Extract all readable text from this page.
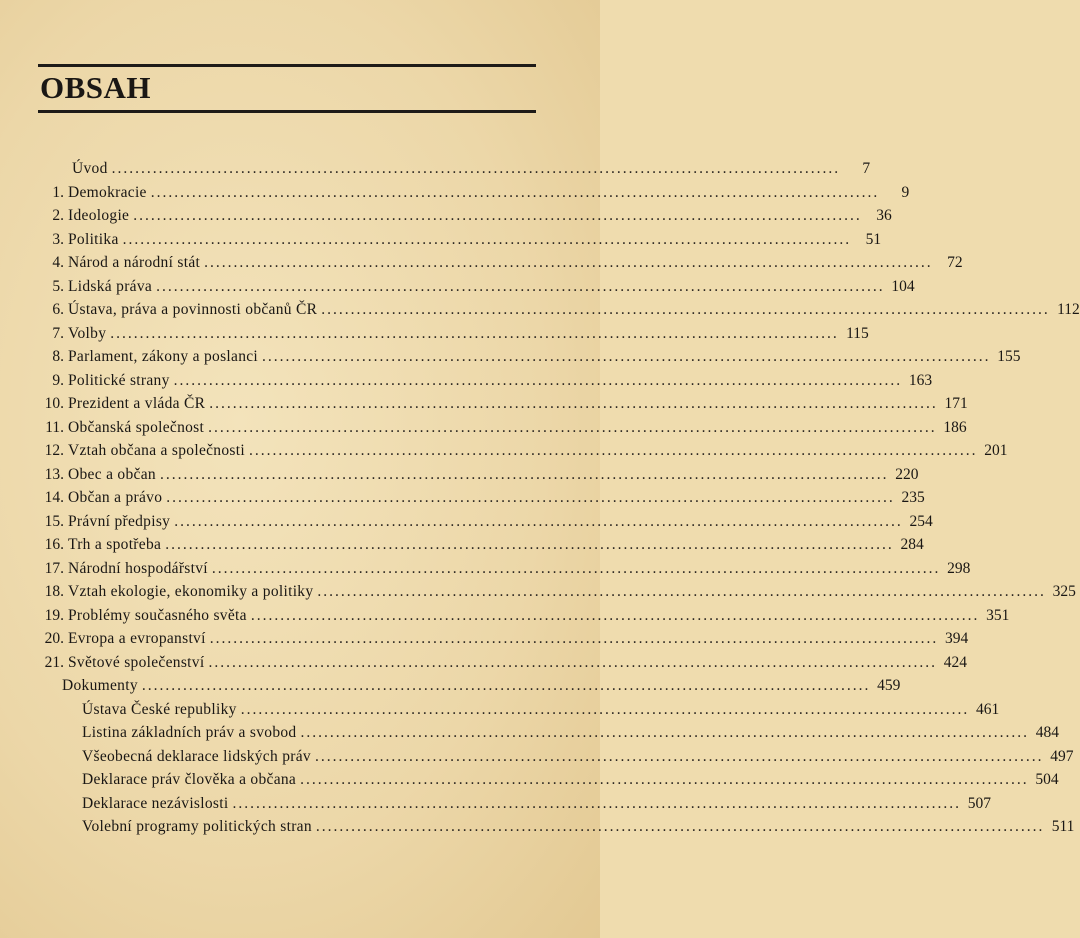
OBSAH
Úvod ............................................................................................................................	7
1. Demokracie ............................................................................................................................	9
2. Ideologie ............................................................................................................................ 36
3. Politika ............................................................................................................................ 51
4. Národ a národní stát ............................................................................................................................ 72
5. Lidská práva ............................................................................................................................ 104
6. Ústava, práva a povinnosti občanů ČR ............................................................................................................................ 112
7. Volby ............................................................................................................................ 115
8. Parlament, zákony a poslanci ............................................................................................................................ 155
9. Politické strany ............................................................................................................................ 163
10. Prezident a vláda ČR ............................................................................................................................ 171
11. Občanská společnost ............................................................................................................................ 186
12. Vztah občana a společnosti ............................................................................................................................ 201
13. Obec a občan ............................................................................................................................ 220
14. Občan a právo ............................................................................................................................ 235
15. Právní předpisy ............................................................................................................................ 254
16. Trh a spotřeba ............................................................................................................................ 284
17. Národní hospodářství ............................................................................................................................ 298
18. Vztah ekologie, ekonomiky a politiky ............................................................................................................................ 325
19. Problémy současného světa ............................................................................................................................ 351
20. Evropa a evropanství ............................................................................................................................ 394
21. Světové společenství ............................................................................................................................ 424
Dokumenty ............................................................................................................................ 459
Ústava České republiky ............................................................................................................................ 461
Listina základních práv a svobod ............................................................................................................................ 484
Všeobecná deklarace lidských práv ............................................................................................................................ 497
Deklarace práv člověka a občana ............................................................................................................................ 504
Deklarace nezávislosti ............................................................................................................................ 507
Volební programy politických stran ............................................................................................................................ 511
